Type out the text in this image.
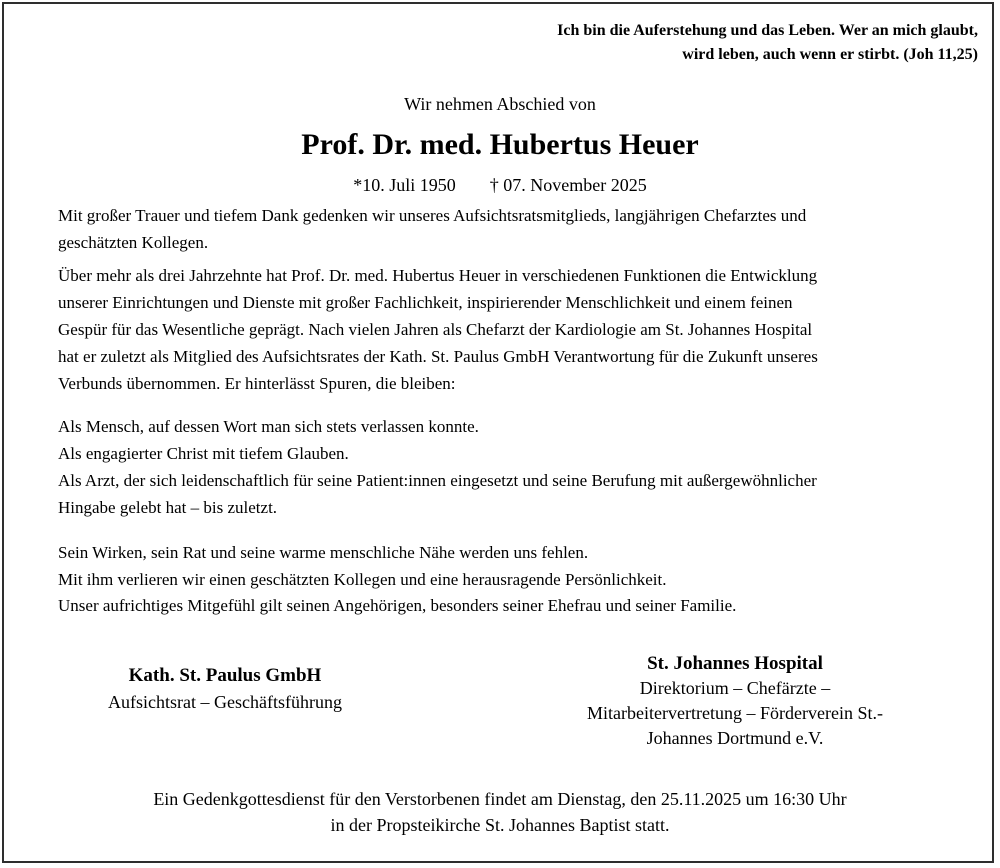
Ich bin die Auferstehung und das Leben. Wer an mich glaubt,
wird leben, auch wenn er stirbt. (Joh 11,25)
Wir nehmen Abschied von
Prof. Dr. med. Hubertus Heuer
*10. Juli 1950 † 07. November 2025
Mit großer Trauer und tiefem Dank gedenken wir unseres Aufsichtsratsmitglieds, langjährigen Chefarztes und
geschätzten Kollegen.
Über mehr als drei Jahrzehnte hat Prof. Dr. med. Hubertus Heuer in verschiedenen Funktionen die Entwicklung
unserer Einrichtungen und Dienste mit großer Fachlichkeit, inspirierender Menschlichkeit und einem feinen
Gespür für das Wesentliche geprägt. Nach vielen Jahren als Chefarzt der Kardiologie am St. Johannes Hospital
hat er zuletzt als Mitglied des Aufsichtsrates der Kath. St. Paulus GmbH Verantwortung für die Zukunft unseres
Verbunds übernommen. Er hinterlässt Spuren, die bleiben:
Als Mensch, auf dessen Wort man sich stets verlassen konnte.
Als engagierter Christ mit tiefem Glauben.
Als Arzt, der sich leidenschaftlich für seine Patient:innen eingesetzt und seine Berufung mit außergewöhnlicher
Hingabe gelebt hat – bis zuletzt.
Sein Wirken, sein Rat und seine warme menschliche Nähe werden uns fehlen.
Mit ihm verlieren wir einen geschätzten Kollegen und eine herausragende Persönlichkeit.
Unser aufrichtiges Mitgefühl gilt seinen Angehörigen, besonders seiner Ehefrau und seiner Familie.
Kath. St. Paulus GmbH
Aufsichtsrat – Geschäftsführung
St. Johannes Hospital
Direktorium – Chefärzte –
Mitarbeitervertretung – Förderverein St.-
Johannes Dortmund e.V.
Ein Gedenkgottesdienst für den Verstorbenen findet am Dienstag, den 25.11.2025 um 16:30 Uhr
in der Propsteikirche St. Johannes Baptist statt.
